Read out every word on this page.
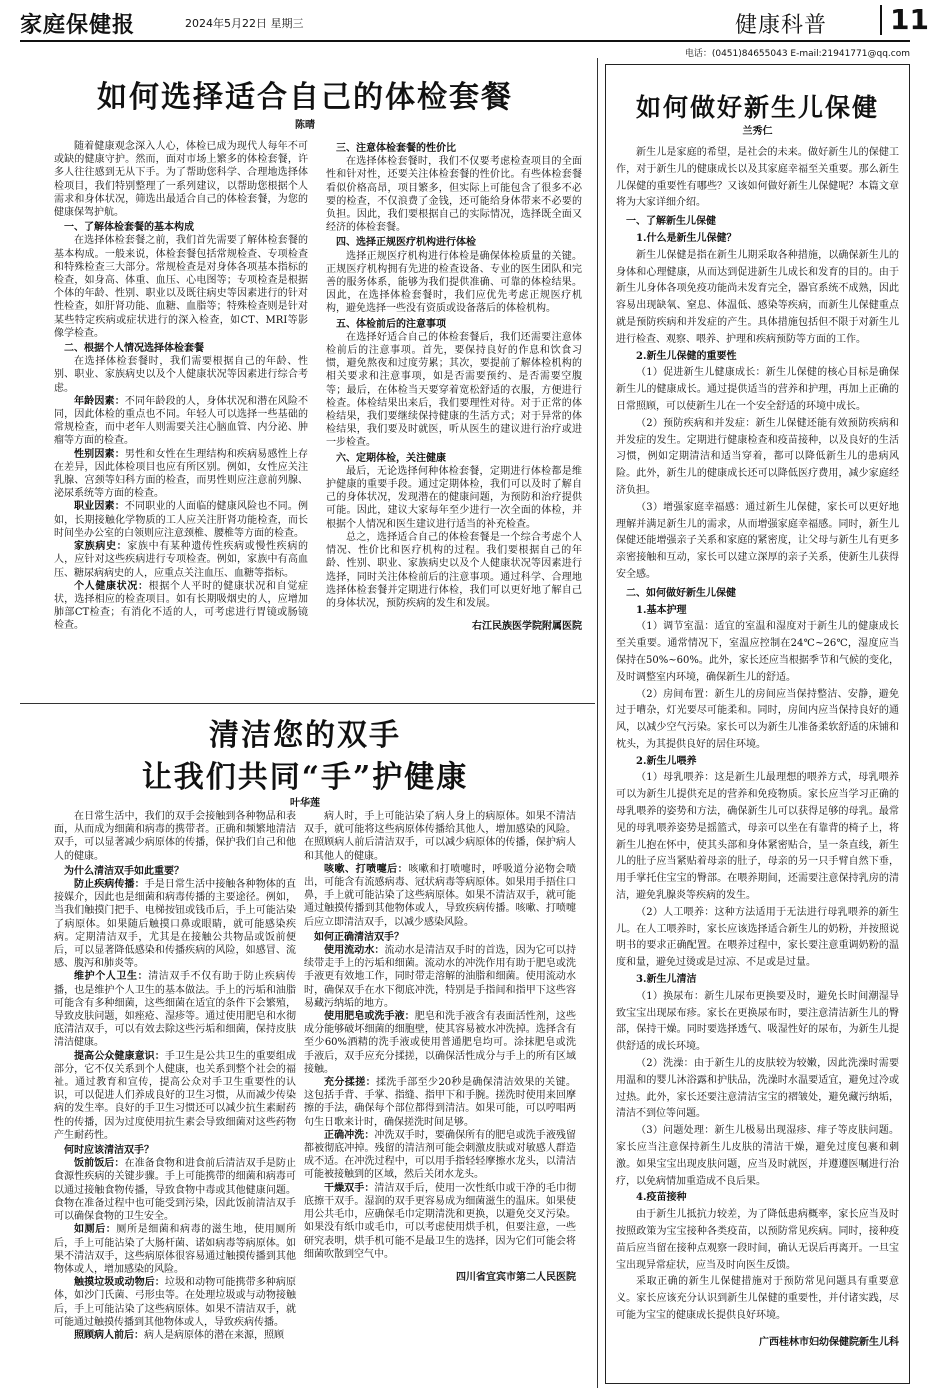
家庭保健报	2024年5月22日 星期三	健康科普	11
电话：(0451)84655043 E-mail:21941771@qq.com
如何选择适合自己的体检套餐
陈晴

随着健康观念深入人心，体检已成为现代人每年不可或缺的健康守护。然而，面对市场上繁多的体检套餐，许多人往往感到无从下手。为了帮助您科学、合理地选择体检项目，我们特别整理了一系列建议，以帮助您根据个人需求和身体状况，筛选出最适合自己的体检套餐，为您的健康保驾护航。

一、了解体检套餐的基本构成

在选择体检套餐之前，我们首先需要了解体检套餐的基本构成。一般来说，体检套餐包括常规检查、专项检查和特殊检查三大部分。常规检查是对身体各项基本指标的检查，如身高、体重、血压、心电图等；专项检查是根据个体的年龄、性别、职业以及既往病史等因素进行的针对性检查，如肝肾功能、血糖、血脂等；特殊检查则是针对某些特定疾病或症状进行的深入检查，如CT、MRI等影像学检查。

二、根据个人情况选择体检套餐

在选择体检套餐时，我们需要根据自己的年龄、性别、职业、家族病史以及个人健康状况等因素进行综合考虑。

年龄因素：不同年龄段的人，身体状况和潜在风险不同，因此体检的重点也不同。年轻人可以选择一些基础的常规检查，而中老年人则需要关注心脑血管、内分泌、肿瘤等方面的检查。

性别因素：男性和女性在生理结构和疾病易感性上存在差异，因此体检项目也应有所区别。例如，女性应关注乳腺、宫颈等妇科方面的检查，而男性则应注意前列腺、泌尿系统等方面的检查。

职业因素：不同职业的人面临的健康风险也不同。例如，长期接触化学物质的工人应关注肝肾功能检查，而长时间坐办公室的白领则应注意颈椎、腰椎等方面的检查。

家族病史：家族中有某种遗传性疾病或慢性疾病的人，应针对这些疾病进行专项检查。例如，家族中有高血压、糖尿病病史的人，应重点关注血压、血糖等指标。

个人健康状况：根据个人平时的健康状况和自觉症状，选择相应的检查项目。如有长期吸烟史的人，应增加肺部CT检查；有消化不适的人，可考虑进行胃镜或肠镜检查。

三、注意体检套餐的性价比

在选择体检套餐时，我们不仅要考虑检查项目的全面性和针对性，还要关注体检套餐的性价比。有些体检套餐看似价格高昂，项目繁多，但实际上可能包含了很多不必要的检查，不仅浪费了金钱，还可能给身体带来不必要的负担。因此，我们要根据自己的实际情况，选择既全面又经济的体检套餐。

四、选择正规医疗机构进行体检

选择正规医疗机构进行体检是确保体检质量的关键。正规医疗机构拥有先进的检查设备、专业的医生团队和完善的服务体系，能够为我们提供准确、可靠的体检结果。因此，在选择体检套餐时，我们应优先考虑正规医疗机构，避免选择一些没有资质或设备落后的体检机构。

五、体检前后的注意事项

在选择好适合自己的体检套餐后，我们还需要注意体检前后的注意事项。首先，要保持良好的作息和饮食习惯，避免熬夜和过度劳累；其次，要提前了解体检机构的相关要求和注意事项，如是否需要预约、是否需要空腹等；最后，在体检当天要穿着宽松舒适的衣服，方便进行检查。体检结果出来后，我们要理性对待。对于正常的体检结果，我们要继续保持健康的生活方式；对于异常的体检结果，我们要及时就医，听从医生的建议进行治疗或进一步检查。

六、定期体检，关注健康

最后，无论选择何种体检套餐，定期进行体检都是维护健康的重要手段。通过定期体检，我们可以及时了解自己的身体状况，发现潜在的健康问题，为预防和治疗提供可能。因此，建议大家每年至少进行一次全面的体检，并根据个人情况和医生建议进行适当的补充检查。

总之，选择适合自己的体检套餐是一个综合考虑个人情况、性价比和医疗机构的过程。我们要根据自己的年龄、性别、职业、家族病史以及个人健康状况等因素进行选择，同时关注体检前后的注意事项。通过科学、合理地选择体检套餐并定期进行体检，我们可以更好地了解自己的身体状况，预防疾病的发生和发展。

右江民族医学院附属医院

清洁您的双手
让我们共同“手”护健康
叶华莲

在日常生活中，我们的双手会接触到各种物品和表面，从而成为细菌和病毒的携带者。正确和频繁地清洁双手，可以显著减少病原体的传播，保护我们自己和他人的健康。

为什么清洁双手如此重要？

防止疾病传播：手是日常生活中接触各种物体的直接媒介，因此也是细菌和病毒传播的主要途径。例如，当我们触摸门把手、电梯按钮或钱币后，手上可能沾染了病原体。如果随后触摸口鼻或眼睛，就可能感染疾病。定期清洁双手，尤其是在接触公共物品或饭前便后，可以显著降低感染和传播疾病的风险，如感冒、流感、腹泻和肺炎等。

维护个人卫生：清洁双手不仅有助于防止疾病传播，也是维护个人卫生的基本做法。手上的污垢和油脂可能含有多种细菌，这些细菌在适宜的条件下会繁殖，导致皮肤问题，如痤疮、湿疹等。通过使用肥皂和水彻底清洁双手，可以有效去除这些污垢和细菌，保持皮肤清洁健康。

提高公众健康意识：手卫生是公共卫生的重要组成部分，它不仅关系到个人健康，也关系到整个社会的福祉。通过教育和宣传，提高公众对手卫生重要性的认识，可以促进人们养成良好的卫生习惯，从而减少传染病的发生率。良好的手卫生习惯还可以减少抗生素耐药性的传播，因为过度使用抗生素会导致细菌对这些药物产生耐药性。

何时应该清洁双手？

饭前饭后：在准备食物和进食前后清洁双手是防止食源性疾病的关键步骤。手上可能携带的细菌和病毒可以通过接触食物传播，导致食物中毒或其他健康问题。食物在准备过程中也可能受到污染，因此饭前清洁双手可以确保食物的卫生安全。

如厕后：厕所是细菌和病毒的滋生地，使用厕所后，手上可能沾染了大肠杆菌、诺如病毒等病原体。如果不清洁双手，这些病原体很容易通过触摸传播到其他物体或人，增加感染的风险。

触摸垃圾或动物后：垃圾和动物可能携带多种病原体，如沙门氏菌、弓形虫等。在处理垃圾或与动物接触后，手上可能沾染了这些病原体。如果不清洁双手，就可能通过触摸传播到其他物体或人，导致疾病传播。

照顾病人前后：病人是病原体的潜在来源，照顾

病人时，手上可能沾染了病人身上的病原体。如果不清洁双手，就可能将这些病原体传播给其他人，增加感染的风险。在照顾病人前后清洁双手，可以减少病原体的传播，保护病人和其他人的健康。

咳嗽、打喷嚏后：咳嗽和打喷嚏时，呼吸道分泌物会喷出，可能含有流感病毒、冠状病毒等病原体。如果用手捂住口鼻，手上就可能沾染了这些病原体。如果不清洁双手，就可能通过触摸传播到其他物体或人，导致疾病传播。咳嗽、打喷嚏后应立即清洁双手，以减少感染风险。

如何正确清洁双手？

使用流动水：流动水是清洁双手时的首选，因为它可以持续带走手上的污垢和细菌。流动水的冲洗作用有助于肥皂或洗手液更有效地工作，同时带走溶解的油脂和细菌。使用流动水时，确保双手在水下彻底冲洗，特别是手指间和指甲下这些容易藏污纳垢的地方。

使用肥皂或洗手液：肥皂和洗手液含有表面活性剂，这些成分能够破坏细菌的细胞壁，使其容易被水冲洗掉。选择含有至少60%酒精的洗手液或使用普通肥皂均可。涂抹肥皂或洗手液后，双手应充分揉搓，以确保活性成分与手上的所有区域接触。

充分揉搓：揉洗手部至少20秒是确保清洁效果的关键。这包括手背、手掌、指缝、指甲下和手腕。搓洗时使用来回摩擦的手法，确保每个部位都得到清洁。如果可能，可以哼唱两句生日歌来计时，确保搓洗时间足够。

正确冲洗：冲洗双手时，要确保所有的肥皂或洗手液残留都被彻底冲掉。残留的清洁剂可能会刺激皮肤或对敏感人群造成不适。在冲洗过程中，可以用手指轻轻摩擦水龙头，以清洁可能被接触到的区域，然后关闭水龙头。

干燥双手：清洁双手后，使用一次性纸巾或干净的毛巾彻底擦干双手。湿润的双手更容易成为细菌滋生的温床。如果使用公共毛巾，应确保毛巾定期清洗和更换，以避免交叉污染。如果没有纸巾或毛巾，可以考虑使用烘手机，但要注意，一些研究表明，烘手机可能不是最卫生的选择，因为它们可能会将细菌吹散到空气中。

四川省宜宾市第二人民医院

如何做好新生儿保健
兰秀仁

新生儿是家庭的希望，是社会的未来。做好新生儿的保健工作，对于新生儿的健康成长以及其家庭幸福至关重要。那么新生儿保健的重要性有哪些？又该如何做好新生儿保健呢？本篇文章将为大家详细介绍。

一、了解新生儿保健

1.什么是新生儿保健？

新生儿保健是指在新生儿期采取各种措施，以确保新生儿的身体和心理健康，从而达到促进新生儿成长和发育的目的。由于新生儿身体各项免疫功能尚未发育完全，器官系统不成熟，因此容易出现缺氧、窒息、体温低、感染等疾病，而新生儿保健重点就是预防疾病和并发症的产生。具体措施包括但不限于对新生儿进行检查、观察、喂养、护理和疾病预防等方面的工作。

2.新生儿保健的重要性

（1）促进新生儿健康成长：新生儿保健的核心目标是确保新生儿的健康成长。通过提供适当的营养和护理，再加上正确的日常照顾，可以使新生儿在一个安全舒适的环境中成长。

（2）预防疾病和并发症：新生儿保健还能有效预防疾病和并发症的发生。定期进行健康检查和疫苗接种，以及良好的生活习惯，例如定期清洁和适当穿着，都可以降低新生儿的患病风险。此外，新生儿的健康成长还可以降低医疗费用，减少家庭经济负担。

（3）增强家庭幸福感：通过新生儿保健，家长可以更好地理解并满足新生儿的需求，从而增强家庭幸福感。同时，新生儿保健还能增强亲子关系和家庭的紧密度，让父母与新生儿有更多亲密接触和互动，家长可以建立深厚的亲子关系，使新生儿获得安全感。

二、如何做好新生儿保健

1.基本护理

（1）调节室温：适宜的室温和湿度对于新生儿的健康成长至关重要。通常情况下，室温应控制在24℃~26℃，湿度应当保持在50%~60%。此外，家长还应当根据季节和气候的变化，及时调整室内环境，确保新生儿的舒适。

（2）房间布置：新生儿的房间应当保持整洁、安静，避免过于嘈杂，灯光要尽可能柔和。同时，房间内应当保持良好的通风，以减少空气污染。家长可以为新生儿准备柔软舒适的床铺和枕头，为其提供良好的居住环境。

2.新生儿喂养

（1）母乳喂养：这是新生儿最理想的喂养方式，母乳喂养可以为新生儿提供充足的营养和免疫物质。家长应当学习正确的母乳喂养的姿势和方法，确保新生儿可以获得足够的母乳。最常见的母乳喂养姿势是摇篮式，母亲可以坐在有靠背的椅子上，将新生儿抱在怀中，使其头部和身体紧密贴合，呈一条直线，新生儿的肚子应当紧贴着母亲的肚子，母亲的另一只手臂自然下垂，用手掌托住宝宝的臀部。在喂养期间，还需要注意保持乳房的清洁，避免乳腺炎等疾病的发生。

（2）人工喂养：这种方法适用于无法进行母乳喂养的新生儿。在人工喂养时，家长应该选择适合新生儿的奶粉，并按照说明书的要求正确配置。在喂养过程中，家长要注意重调奶粉的温度和量，避免过烫或是过凉、不足或是过量。

3.新生儿清洁

（1）换尿布：新生儿尿布更换要及时，避免长时间潮湿导致宝宝出现尿布疹。家长在更换尿布时，要注意清洁新生儿的臀部，保持干燥。同时要选择透气、吸湿性好的尿布，为新生儿提供舒适的成长环境。

（2）洗澡：由于新生儿的皮肤较为较嫩，因此洗澡时需要用温和的婴儿沐浴露和护肤品，洗澡时水温要适宜，避免过冷或过热。此外，家长还要注意清洁宝宝的褶皱处，避免藏污纳垢，清洁不到位等问题。

（3）问题处理：新生儿极易出现湿疹、痱子等皮肤问题。家长应当注意保持新生儿皮肤的清洁干燥，避免过度包裹和刺激。如果宝宝出现皮肤问题，应当及时就医，并遵遵医嘱进行治疗，以免病情加重造成不良后果。

4.疫苗接种

由于新生儿抵抗力较差，为了降低患病概率，家长应当及时按照政策为宝宝接种各类疫苗，以预防常见疾病。同时，接种疫苗后应当留在接种点观察一段时间，确认无误后再离开。一旦宝宝出现异常症状，应当及时向医生反馈。

采取正确的新生儿保健措施对于预防常见问题具有重要意义。家长应该充分认识到新生儿保健的重要性，并付诸实践，尽可能为宝宝的健康成长提供良好环境。

广西桂林市妇幼保健院新生儿科
